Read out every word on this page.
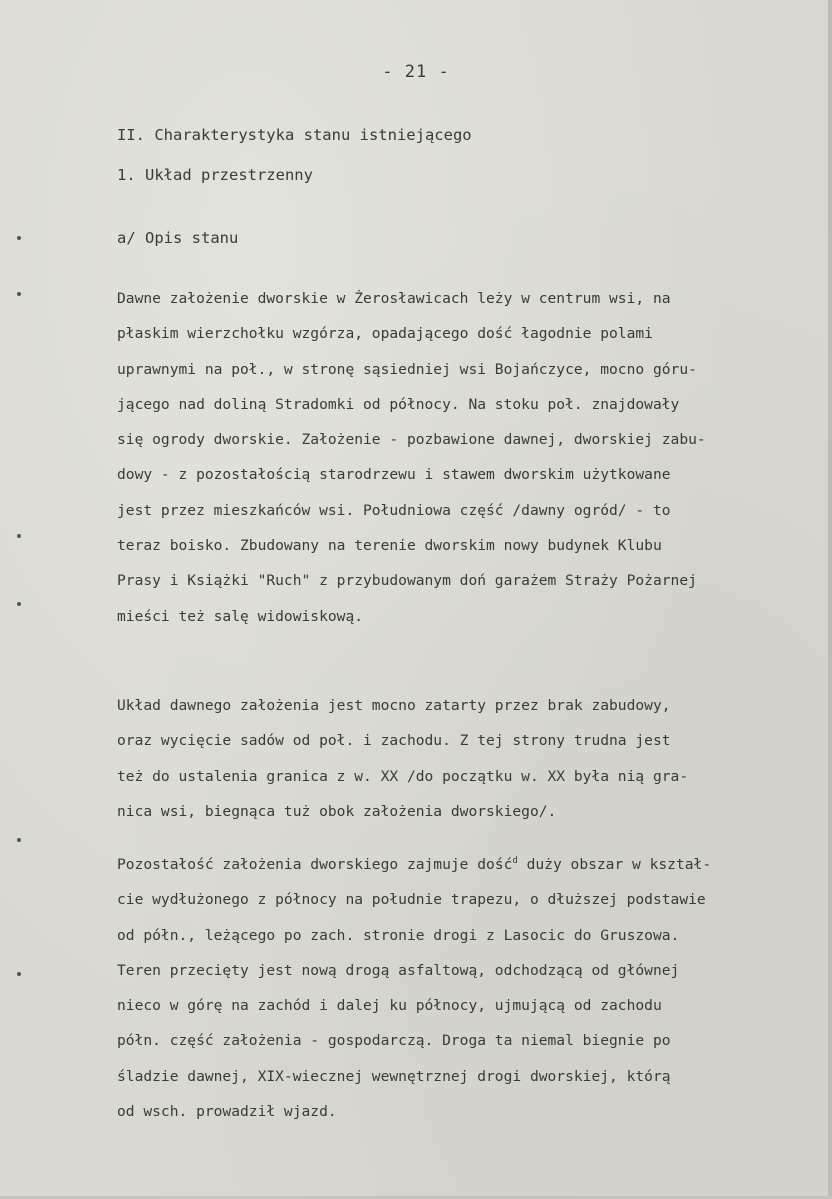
- 21 -
II. Charakterystyka stanu istniejącego
1. Układ przestrzenny
a/ Opis stanu
Dawne założenie dworskie w Żerosławicach leży w centrum wsi, na
płaskim wierzchołku wzgórza, opadającego dość łagodnie polami
uprawnymi na poł., w stronę sąsiedniej wsi Bojańczyce, mocno góru-
jącego nad doliną Stradomki od północy. Na stoku poł. znajdowały
się ogrody dworskie. Założenie - pozbawione dawnej, dworskiej zabu-
dowy - z pozostałością starodrzewu i stawem dworskim użytkowane
jest przez mieszkańców wsi. Południowa część /dawny ogród/ - to
teraz boisko. Zbudowany na terenie dworskim nowy budynek Klubu
Prasy i Książki "Ruch" z przybudowanym doń garażem Straży Pożarnej
mieści też salę widowiskową.
Układ dawnego założenia jest mocno zatarty przez brak zabudowy,
oraz wycięcie sadów od poł. i zachodu. Z tej strony trudna jest
też do ustalenia granica z w. XX /do początku w. XX była nią gra-
nica wsi, biegnąca tuż obok założenia dworskiego/.
Pozostałość założenia dworskiego zajmuje dość$^d$ duży obszar w kształ-
cie wydłużonego z północy na południe trapezu, o dłuższej podstawie
od półn., leżącego po zach. stronie drogi z Lasocic do Gruszowa.
Teren przecięty jest nową drogą asfaltową, odchodzącą od głównej
nieco w górę na zachód i dalej ku północy, ujmującą od zachodu
półn. część założenia - gospodarczą. Droga ta niemal biegnie po
śladzie dawnej, XIX-wiecznej wewnętrznej drogi dworskiej, którą
od wsch. prowadził wjazd.
